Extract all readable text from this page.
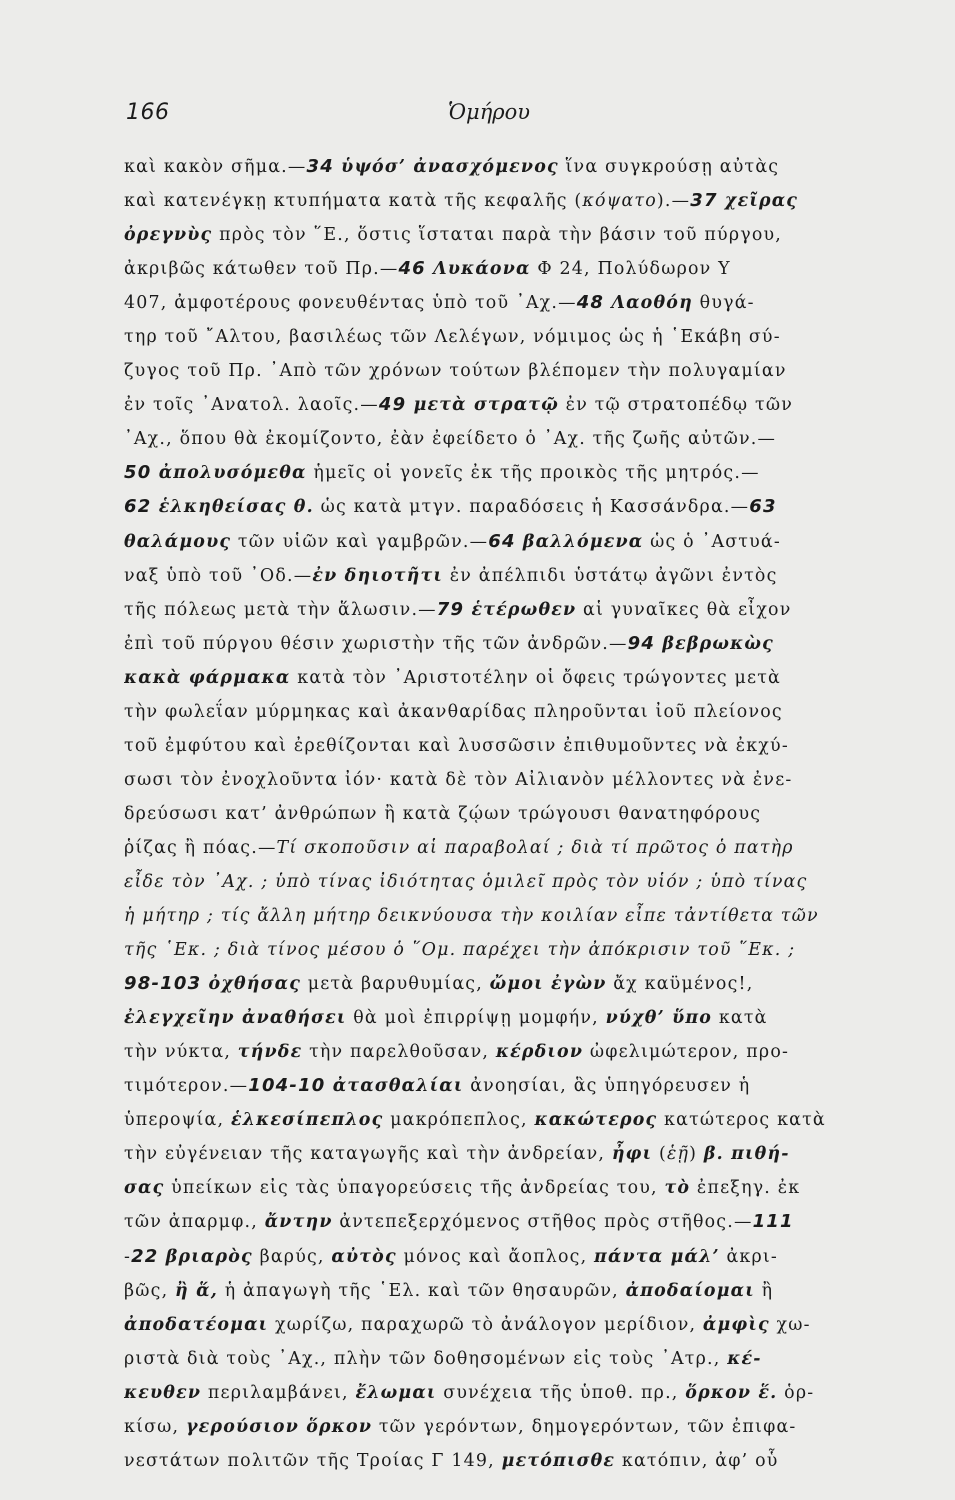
166	Ὁμήρου
καὶ κακὸν σῆμα.—34 ὑψόσ’ ἀνασχόμενος ἵνα συγκρούσῃ αὐτὰς
καὶ κατενέγκῃ κτυπήματα κατὰ τῆς κεφαλῆς (κόψατο).—37 χεῖρας
ὀρεγνὺς πρὸς τὸν ῞Ε., ὅστις ἵσταται παρὰ τὴν βάσιν τοῦ πύργου,
ἀκριβῶς κάτωθεν τοῦ Πρ.—46 Λυκάονα Φ 24, Πολύδωρον Υ
407, ἀμφοτέρους φονευθέντας ὑπὸ τοῦ ᾿Αχ.—48 Λαοθόη θυγά-
τηρ τοῦ ῎Αλτου, βασιλέως τῶν Λελέγων, νόμιμος ὡς ἡ ῾Εκάβη σύ-
ζυγος τοῦ Πρ. ᾿Απὸ τῶν χρόνων τούτων βλέπομεν τὴν πολυγαμίαν
ἐν τοῖς ᾿Ανατολ. λαοῖς.—49 μετὰ στρατῷ ἐν τῷ στρατοπέδῳ τῶν
᾿Αχ., ὅπου θὰ ἐκομίζοντο, ἐὰν ἐφείδετο ὁ ᾿Αχ. τῆς ζωῆς αὐτῶν.—
50 ἀπολυσόμεθα ἡμεῖς οἱ γονεῖς ἐκ τῆς προικὸς τῆς μητρός.—
62 ἑλκηθείσας θ. ὡς κατὰ μτγν. παραδόσεις ἡ Κασσάνδρα.—63
θαλάμους τῶν υἱῶν καὶ γαμβρῶν.—64 βαλλόμενα ὡς ὁ ᾿Αστυά-
ναξ ὑπὸ τοῦ ᾿Οδ.—ἐν δηιοτῆτι ἐν ἀπέλπιδι ὑστάτῳ ἀγῶνι ἐντὸς
τῆς πόλεως μετὰ τὴν ἅλωσιν.—79 ἑτέρωθεν αἱ γυναῖκες θὰ εἶχον
ἐπὶ τοῦ πύργου θέσιν χωριστὴν τῆς τῶν ἀνδρῶν.—94 βεβρωκὼς
κακὰ φάρμακα κατὰ τὸν ᾿Αριστοτέλην οἱ ὄφεις τρώγοντες μετὰ
τὴν φωλεΐαν μύρμηκας καὶ ἀκανθαρίδας πληροῦνται ἰοῦ πλείονος
τοῦ ἐμφύτου καὶ ἐρεθίζονται καὶ λυσσῶσιν ἐπιθυμοῦντες νὰ ἐκχύ-
σωσι τὸν ἐνοχλοῦντα ἰόν· κατὰ δὲ τὸν Αἰλιανὸν μέλλοντες νὰ ἐνε-
δρεύσωσι κατ’ ἀνθρώπων ἢ κατὰ ζῴων τρώγουσι θανατηφόρους
ῥίζας ἢ πόας.—Τί σκοποῦσιν αἱ παραβολαί ; διὰ τί πρῶτος ὁ πατὴρ
εἶδε τὸν ᾿Αχ. ; ὑπὸ τίνας ἰδιότητας ὁμιλεῖ πρὸς τὸν υἱόν ; ὑπὸ τίνας
ἡ μήτηρ ; τίς ἄλλη μήτηρ δεικνύουσα τὴν κοιλίαν εἶπε τἀντίθετα τῶν
τῆς ῾Εκ. ; διὰ τίνος μέσου ὁ ῞Ομ. παρέχει τὴν ἀπόκρισιν τοῦ ῞Εκ. ;
98-103 ὀχθήσας μετὰ βαρυθυμίας, ὤμοι ἐγὼν ἄχ καϋμένος!,
ἐλεγχεῖην ἀναθήσει θὰ μοὶ ἐπιρρίψῃ μομφήν, νύχθ’ ὕπο κατὰ
τὴν νύκτα, τήνδε τὴν παρελθοῦσαν, κέρδιον ὠφελιμώτερον, προ-
τιμότερον.—104-10 ἀτασθαλίαι ἀνοησίαι, ἃς ὑπηγόρευσεν ἡ
ὑπεροψία, ἑλκεσίπεπλος μακρόπεπλος, κακώτερος κατώτερος κατὰ
τὴν εὐγένειαν τῆς καταγωγῆς καὶ τὴν ἀνδρείαν, ἦφι (ἑῇ) β. πιθή-
σας ὑπείκων εἰς τὰς ὑπαγορεύσεις τῆς ἀνδρείας του, τὸ ἐπεξηγ. ἐκ
τῶν ἀπαρμφ., ἄντην ἀντεπεξερχόμενος στῆθος πρὸς στῆθος.—111
-22 βριαρὸς βαρύς, αὐτὸς μόνος καὶ ἄοπλος, πάντα μάλ’ ἀκρι-
βῶς, ἢ ἅ, ἡ ἀπαγωγὴ τῆς ῾Ελ. καὶ τῶν θησαυρῶν, ἀποδαίομαι ἢ
ἀποδατέομαι χωρίζω, παραχωρῶ τὸ ἀνάλογον μερίδιον, ἀμφὶς χω-
ριστὰ διὰ τοὺς ᾿Αχ., πλὴν τῶν δοθησομένων εἰς τοὺς ᾿Ατρ., κέ-
κευθεν περιλαμβάνει, ἔλωμαι συνέχεια τῆς ὑποθ. πρ., ὅρκον ἕ. ὁρ-
κίσω, γερούσιον ὅρκον τῶν γερόντων, δημογερόντων, τῶν ἐπιφα-
νεστάτων πολιτῶν τῆς Τροίας Γ 149, μετόπισθε κατόπιν, ἀφ’ οὗ
